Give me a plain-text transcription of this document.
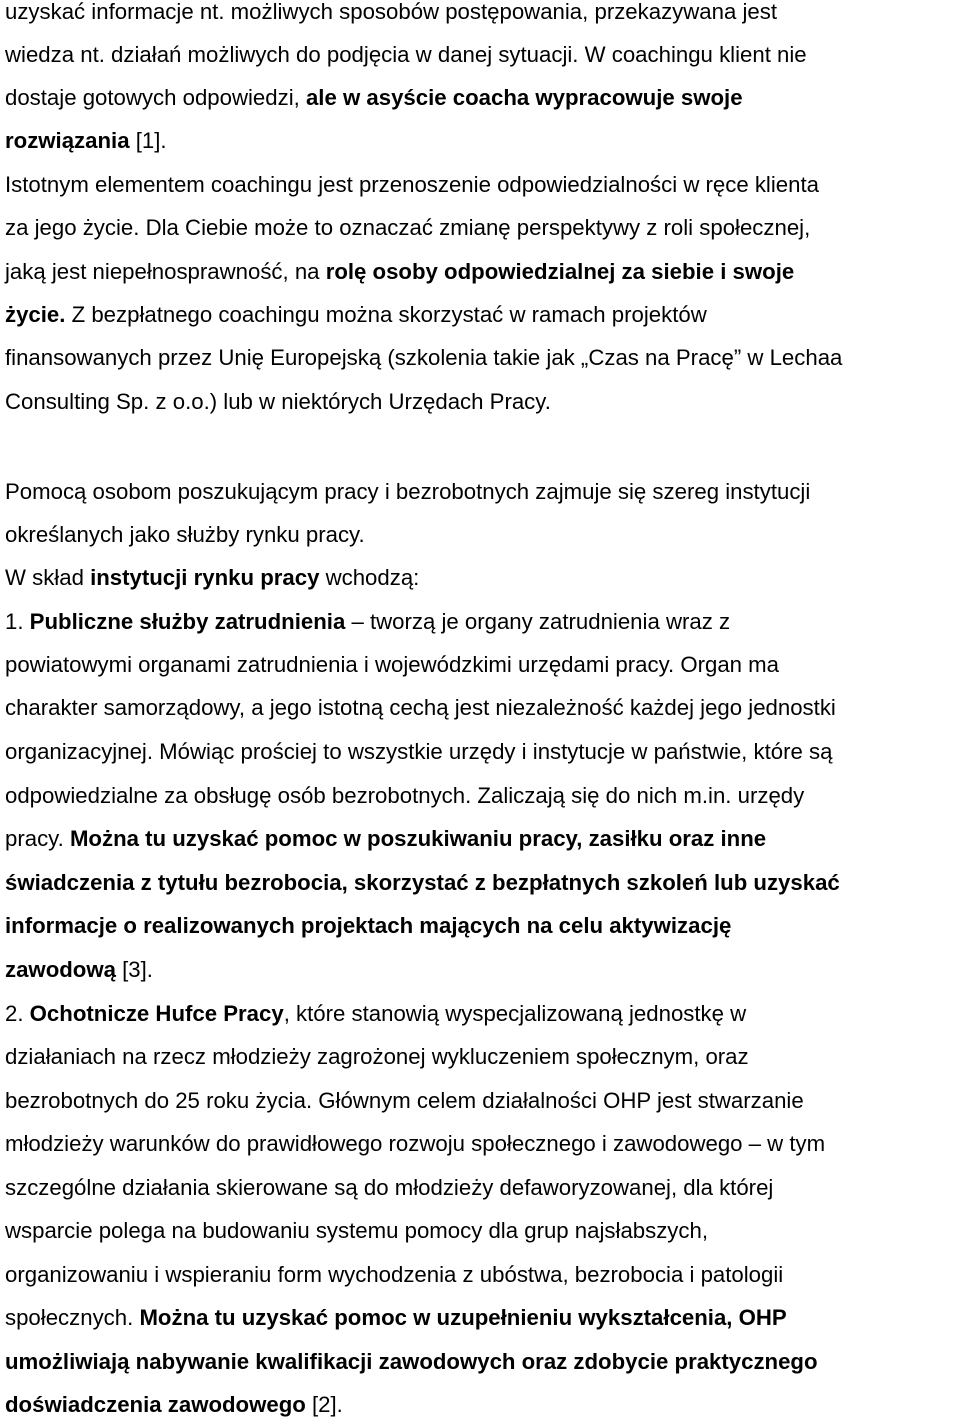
uzyskać informacje nt. możliwych sposobów postępowania, przekazywana jest
wiedza nt. działań możliwych do podjęcia w danej sytuacji. W coachingu klient nie
dostaje gotowych odpowiedzi, ale w asyście coacha wypracowuje swoje
rozwiązania [1].
Istotnym elementem coachingu jest przenoszenie odpowiedzialności w ręce klienta
za jego życie. Dla Ciebie może to oznaczać zmianę perspektywy z roli społecznej,
jaką jest niepełnosprawność, na rolę osoby odpowiedzialnej za siebie i swoje
życie. Z bezpłatnego coachingu można skorzystać w ramach projektów
finansowanych przez Unię Europejską (szkolenia takie jak „Czas na Pracę” w Lechaa
Consulting Sp. z o.o.) lub w niektórych Urzędach Pracy.
Pomocą osobom poszukującym pracy i bezrobotnych zajmuje się szereg instytucji
określanych jako służby rynku pracy.
W skład instytucji rynku pracy wchodzą:
1. Publiczne służby zatrudnienia – tworzą je organy zatrudnienia wraz z
powiatowymi organami zatrudnienia i wojewódzkimi urzędami pracy. Organ ma
charakter samorządowy, a jego istotną cechą jest niezależność każdej jego jednostki
organizacyjnej. Mówiąc prościej to wszystkie urzędy i instytucje w państwie, które są
odpowiedzialne za obsługę osób bezrobotnych. Zaliczają się do nich m.in. urzędy
pracy. Można tu uzyskać pomoc w poszukiwaniu pracy, zasiłku oraz inne
świadczenia z tytułu bezrobocia, skorzystać z bezpłatnych szkoleń lub uzyskać
informacje o realizowanych projektach mających na celu aktywizację
zawodową [3].
2. Ochotnicze Hufce Pracy, które stanowią wyspecjalizowaną jednostkę w
działaniach na rzecz młodzieży zagrożonej wykluczeniem społecznym, oraz
bezrobotnych do 25 roku życia. Głównym celem działalności OHP jest stwarzanie
młodzieży warunków do prawidłowego rozwoju społecznego i zawodowego – w tym
szczególne działania skierowane są do młodzieży defaworyzowanej, dla której
wsparcie polega na budowaniu systemu pomocy dla grup najsłabszych,
organizowaniu i wspieraniu form wychodzenia z ubóstwa, bezrobocia i patologii
społecznych. Można tu uzyskać pomoc w uzupełnieniu wykształcenia, OHP
umożliwiają nabywanie kwalifikacji zawodowych oraz zdobycie praktycznego
doświadczenia zawodowego [2].
